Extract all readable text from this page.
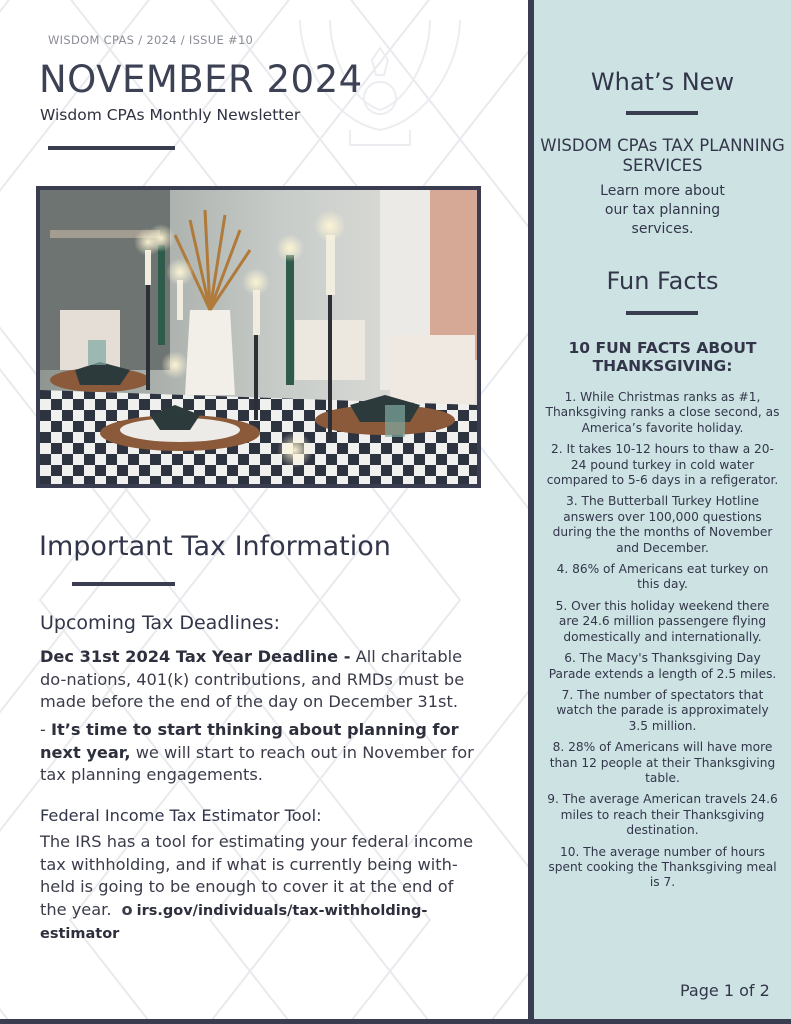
WISDOM CPAS / 2024 / ISSUE #10
NOVEMBER 2024
Wisdom CPAs Monthly Newsletter
Important Tax Information
Upcoming Tax Deadlines:
Dec 31st 2024 Tax Year Deadline - All charitable do-nations, 401(k) contributions, and RMDs must be made before the end of the day on December 31st.
- It’s time to start thinking about planning for next year, we will start to reach out in November for tax planning engagements.
Federal Income Tax Estimator Tool:
The IRS has a tool for estimating your federal income tax withholding, and if what is currently being with-held is going to be enough to cover it at the end of the year. o irs.gov/individuals/tax-withholding-estimator
What’s New
WISDOM CPAs TAX PLANNING SERVICES
Learn more about our tax planning services.
Fun Facts
10 FUN FACTS ABOUT THANKSGIVING:
1. While Christmas ranks as #1, Thanksgiving ranks a close second, as America’s favorite holiday.
2. It takes 10-12 hours to thaw a 20-24 pound turkey in cold water compared to 5-6 days in a refigerator.
3. The Butterball Turkey Hotline answers over 100,000 questions during the the months of November and December.
4. 86% of Americans eat turkey on this day.
5. Over this holiday weekend there are 24.6 million passengere flying domestically and internationally.
6. The Macy's Thanksgiving Day Parade extends a length of 2.5 miles.
7. The number of spectators that watch the parade is approximately 3.5 million.
8. 28% of Americans will have more than 12 people at their Thanksgiving table.
9. The average American travels 24.6 miles to reach their Thanksgiving destination.
10. The average number of hours spent cooking the Thanksgiving meal is 7.
Page 1 of 2
